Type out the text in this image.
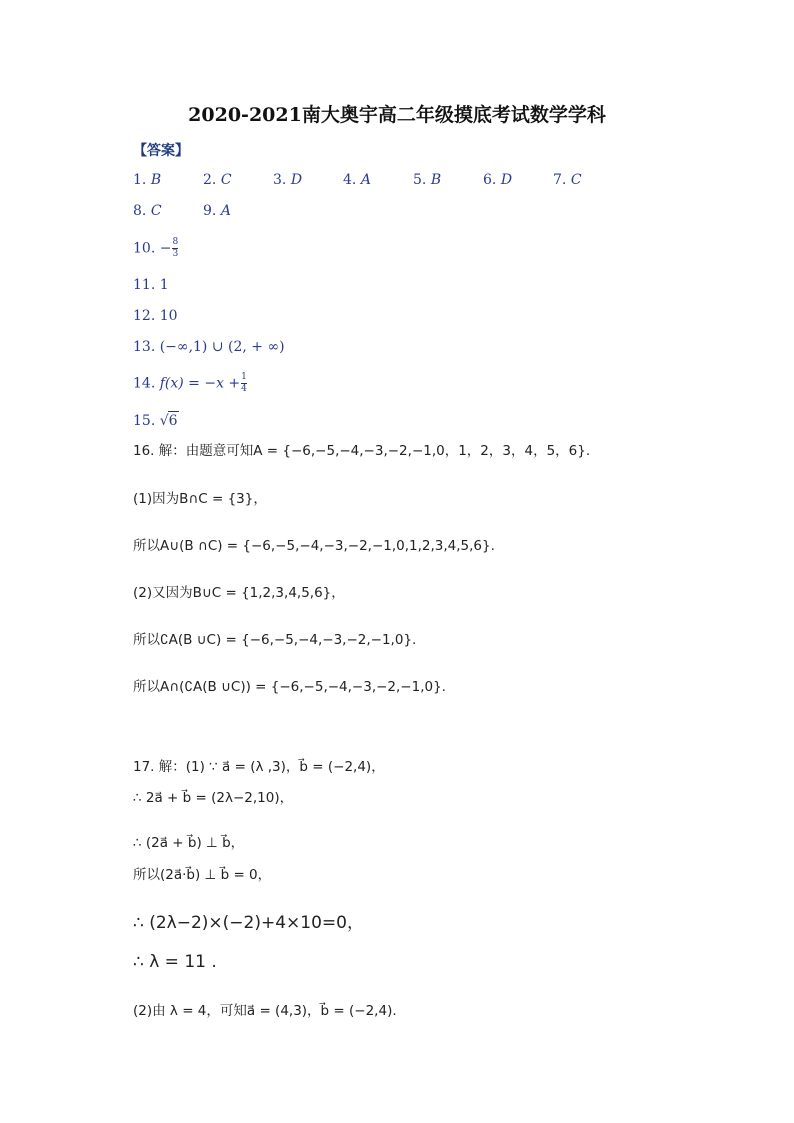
2020-2021南大奥宇高二年级摸底考试数学学科
【答案】
1. B	2. C	3. D	4. A	5. B	6. D	7. C
8. C	9. A
10. − $\frac{8}{3}$
11. 1
12. 10
13. (−∞,1) ∪ (2, + ∞)
14. $f(x) = -x + \frac{1}{4}$
15. √6
16. 解：由题意可知A = {−6,−5,−4,−3,−2,−1,0，1，2，3，4，5，6}.
(1)因为B∩C = {3}，
所以A∪(B ∩C) = {−6,−5,−4,−3,−2,−1,0,1,2,3,4,5,6}.
(2)又因为B∪C = {1,2,3,4,5,6}，
所以∁A(B ∪C) = {−6,−5,−4,−3,−2,−1,0}.
所以A∩(∁A(B ∪C)) = {−6,−5,−4,−3,−2,−1,0}.
17. 解：(1) ∵ a⃗ = (λ ,3)，b⃗ = (−2,4)，
∴ 2a⃗ + b⃗ = (2λ−2,10)，
∴ (2a⃗ + b⃗) ⊥ b⃗，
所以(2a⃗·b⃗) ⊥ b⃗ = 0，
∴ (2λ−2)×(−2)+4×10=0，
∴ λ = 11 .
(2)由 λ = 4，可知a⃗ = (4,3)，b⃗ = (−2,4).
